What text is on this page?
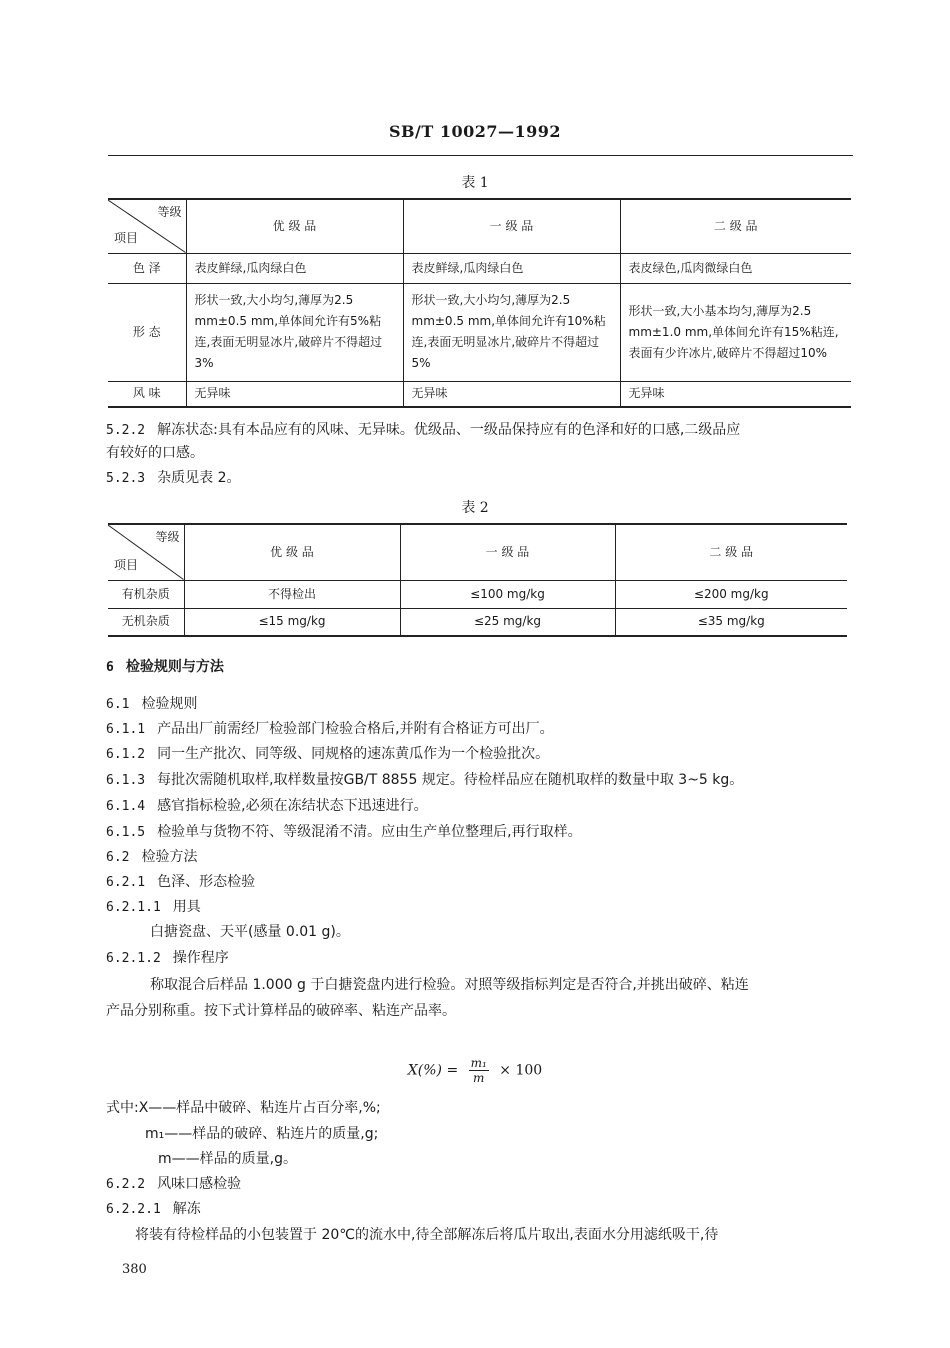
SB/T 10027—1992
表 1
等级
项目	优 级 品	一 级 品	二 级 品
色 泽	表皮鲜绿,瓜肉绿白色	表皮鲜绿,瓜肉绿白色	表皮绿色,瓜肉微绿白色
形 态	形状一致,大小均匀,薄厚为2.5 mm±0.5 mm,单体间允许有5%粘连,表面无明显冰片,破碎片不得超过3%	形状一致,大小均匀,薄厚为2.5 mm±0.5 mm,单体间允许有10%粘连,表面无明显冰片,破碎片不得超过5%	形状一致,大小基本均匀,薄厚为2.5 mm±1.0 mm,单体间允许有15%粘连,表面有少许冰片,破碎片不得超过10%
风 味	无异味	无异味	无异味
5.2.2 解冻状态:具有本品应有的风味、无异味。优级品、一级品保持应有的色泽和好的口感,二级品应
有较好的口感。
5.2.3 杂质见表 2。
表 2
等级
项目	优 级 品	一 级 品	二 级 品
有机杂质	不得检出	≤100 mg/kg	≤200 mg/kg
无机杂质	≤15 mg/kg	≤25 mg/kg	≤35 mg/kg
6 检验规则与方法
6.1 检验规则
6.1.1 产品出厂前需经厂检验部门检验合格后,并附有合格证方可出厂。
6.1.2 同一生产批次、同等级、同规格的速冻黄瓜作为一个检验批次。
6.1.3 每批次需随机取样,取样数量按GB/T 8855 规定。待检样品应在随机取样的数量中取 3~5 kg。
6.1.4 感官指标检验,必须在冻结状态下迅速进行。
6.1.5 检验单与货物不符、等级混淆不清。应由生产单位整理后,再行取样。
6.2 检验方法
6.2.1 色泽、形态检验
6.2.1.1 用具
白搪瓷盘、天平(感量 0.01 g)。
6.2.1.2 操作程序
称取混合后样品 1.000 g 于白搪瓷盘内进行检验。对照等级指标判定是否符合,并挑出破碎、粘连
产品分别称重。按下式计算样品的破碎率、粘连产品率。
$X(\%) = \frac{\text{m₁}}{m} \times 100$
式中:X——样品中破碎、粘连片占百分率,%;
m₁——样品的破碎、粘连片的质量,g;
m——样品的质量,g。
6.2.2 风味口感检验
6.2.2.1 解冻
将装有待检样品的小包装置于 20℃的流水中,待全部解冻后将瓜片取出,表面水分用滤纸吸干,待
380
